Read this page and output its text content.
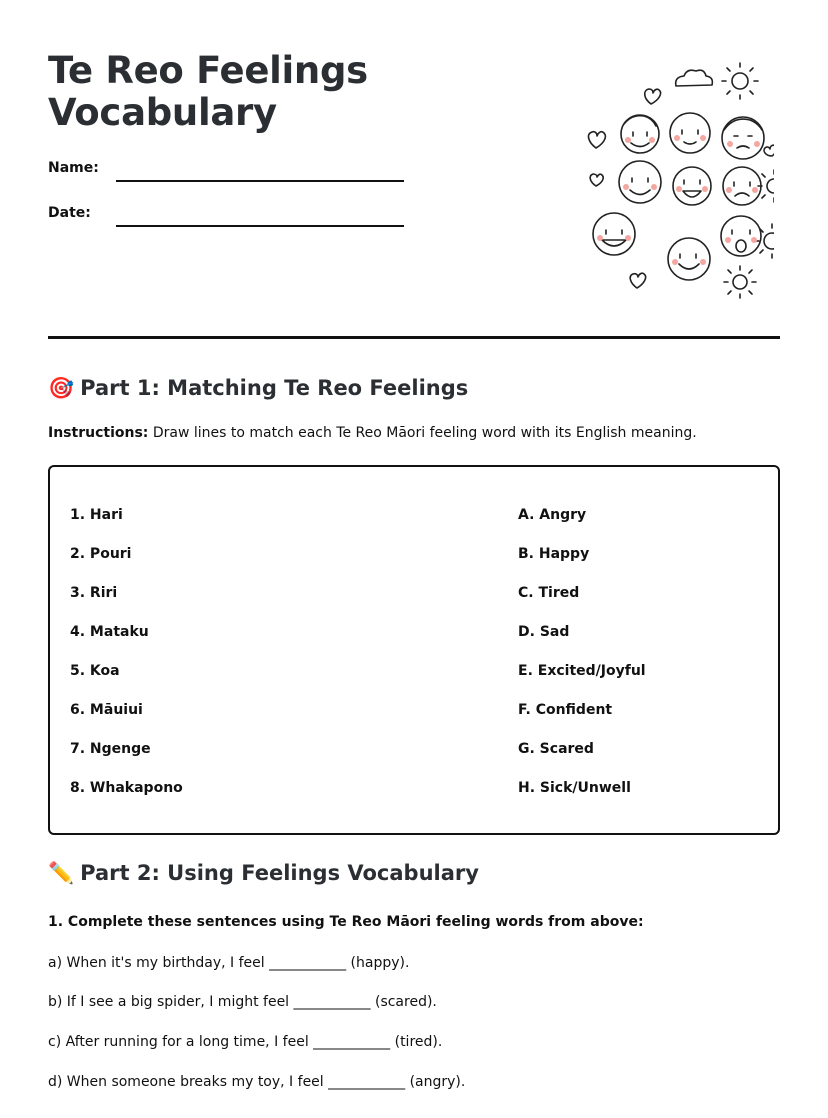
Te Reo Feelings
Vocabulary
Name:
Date:
🎯 Part 1: Matching Te Reo Feelings
Instructions: Draw lines to match each Te Reo Māori feeling word with its English meaning.
1. Hari
2. Pouri
3. Riri
4. Mataku
5. Koa
6. Māuiui
7. Ngenge
8. Whakapono
A. Angry
B. Happy
C. Tired
D. Sad
E. Excited/Joyful
F. Confident
G. Scared
H. Sick/Unwell
✏️ Part 2: Using Feelings Vocabulary
1. Complete these sentences using Te Reo Māori feeling words from above:
a) When it's my birthday, I feel ___________ (happy).
b) If I see a big spider, I might feel ___________ (scared).
c) After running for a long time, I feel ___________ (tired).
d) When someone breaks my toy, I feel ___________ (angry).
